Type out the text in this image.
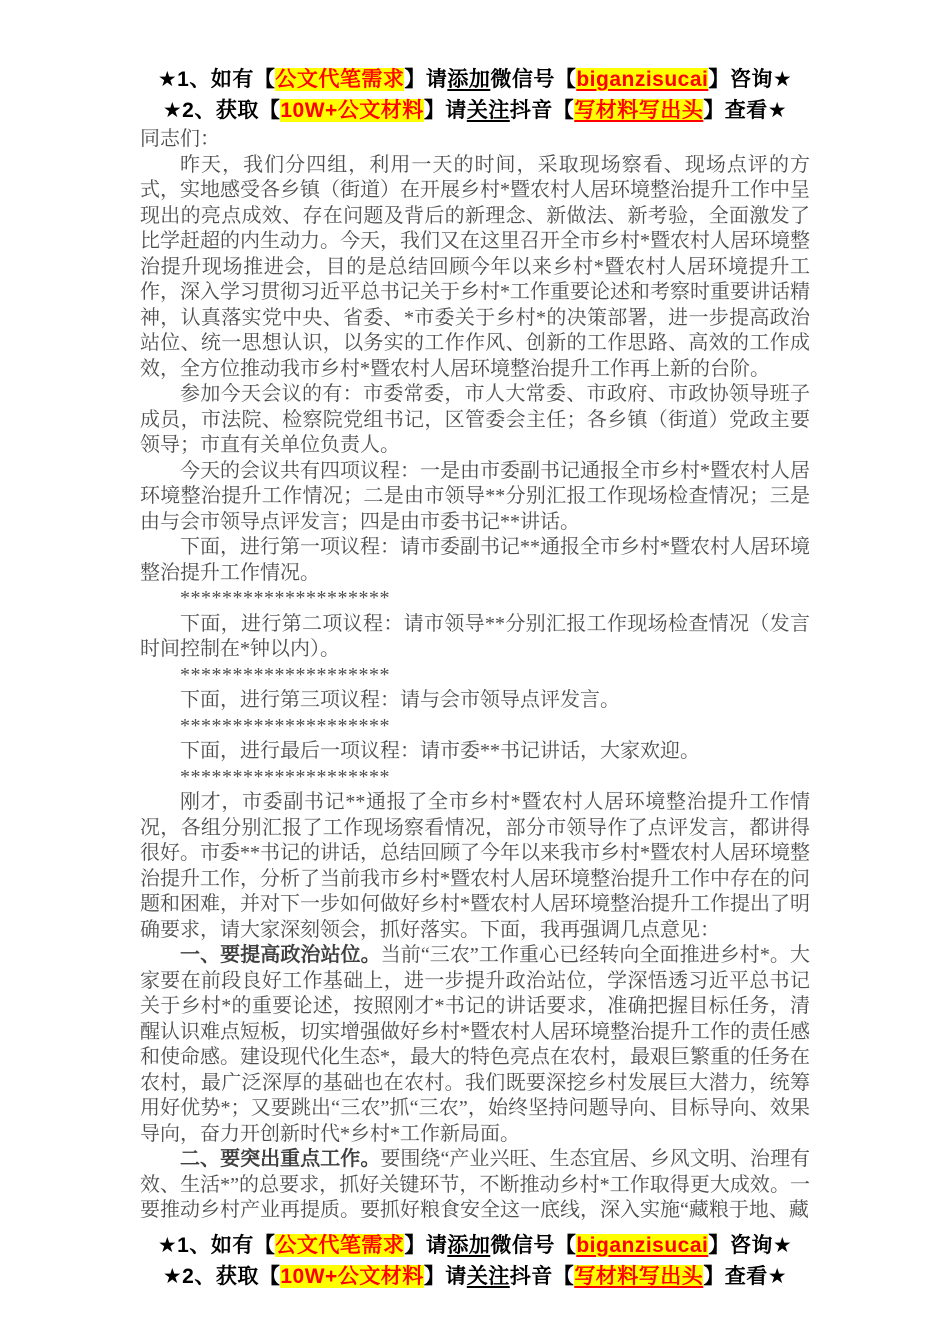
★1、如有【公文代笔需求】请添加微信号【biganzisucai】咨询★
★2、获取【10W+公文材料】请关注抖音【写材料写出头】查看★

同志们：

昨天，我们分四组，利用一天的时间，采取现场察看、现场点评的方式，实地感受各乡镇（街道）在开展乡村*暨农村人居环境整治提升工作中呈现出的亮点成效、存在问题及背后的新理念、新做法、新考验，全面激发了比学赶超的内生动力。今天，我们又在这里召开全市乡村*暨农村人居环境整治提升现场推进会，目的是总结回顾今年以来乡村*暨农村人居环境提升工作，深入学习贯彻习近平总书记关于乡村*工作重要论述和考察时重要讲话精神，认真落实党中央、省委、*市委关于乡村*的决策部署，进一步提高政治站位、统一思想认识，以务实的工作作风、创新的工作思路、高效的工作成效，全方位推动我市乡村*暨农村人居环境整治提升工作再上新的台阶。

参加今天会议的有：市委常委，市人大常委、市政府、市政协领导班子成员，市法院、检察院党组书记，区管委会主任；各乡镇（街道）党政主要领导；市直有关单位负责人。

今天的会议共有四项议程：一是由市委副书记通报全市乡村*暨农村人居环境整治提升工作情况；二是由市领导**分别汇报工作现场检查情况；三是由与会市领导点评发言；四是由市委书记**讲话。

下面，进行第一项议程：请市委副书记**通报全市乡村*暨农村人居环境整治提升工作情况。

********************

下面，进行第二项议程：请市领导**分别汇报工作现场检查情况（发言时间控制在*钟以内）。

********************

下面，进行第三项议程：请与会市领导点评发言。

********************

下面，进行最后一项议程：请市委**书记讲话，大家欢迎。

********************

刚才，市委副书记**通报了全市乡村*暨农村人居环境整治提升工作情况，各组分别汇报了工作现场察看情况，部分市领导作了点评发言，都讲得很好。市委**书记的讲话，总结回顾了今年以来我市乡村*暨农村人居环境整治提升工作，分析了当前我市乡村*暨农村人居环境整治提升工作中存在的问题和困难，并对下一步如何做好乡村*暨农村人居环境整治提升工作提出了明确要求，请大家深刻领会，抓好落实。下面，我再强调几点意见：

一、要提高政治站位。当前“三农”工作重心已经转向全面推进乡村*。大家要在前段良好工作基础上，进一步提升政治站位，学深悟透习近平总书记关于乡村*的重要论述，按照刚才*书记的讲话要求，准确把握目标任务，清醒认识难点短板，切实增强做好乡村*暨农村人居环境整治提升工作的责任感和使命感。建设现代化生态*，最大的特色亮点在农村，最艰巨繁重的任务在农村，最广泛深厚的基础也在农村。我们既要深挖乡村发展巨大潜力，统筹用好优势*；又要跳出“三农”抓“三农”，始终坚持问题导向、目标导向、效果导向，奋力开创新时代*乡村*工作新局面。

二、要突出重点工作。要围绕“产业兴旺、生态宜居、乡风文明、治理有效、生活*”的总要求，抓好关键环节，不断推动乡村*工作取得更大成效。一要推动乡村产业再提质。要抓好粮食安全这一底线，深入实施“藏粮于地、藏

★1、如有【公文代笔需求】请添加微信号【biganzisucai】咨询★
★2、获取【10W+公文材料】请关注抖音【写材料写出头】查看★
